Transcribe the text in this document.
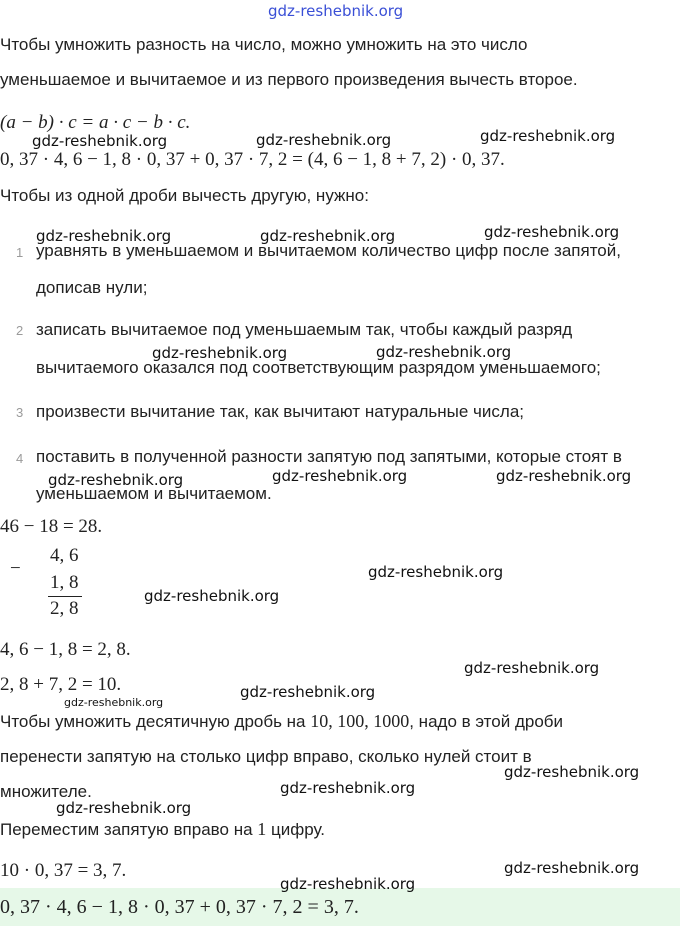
gdz-reshebnik.org
Чтобы умножить разность на число, можно умножить на это число
уменьшаемое и вычитаемое и из первого произведения вычесть второе.
(a − b) · c = a · c − b · c.
0, 37 · 4, 6 − 1, 8 · 0, 37 + 0, 37 · 7, 2 = (4, 6 − 1, 8 + 7, 2) · 0, 37.
Чтобы из одной дроби вычесть другую, нужно:
1 уравнять в уменьшаемом и вычитаемом количество цифр после запятой,
дописав нули;
2 записать вычитаемое под уменьшаемым так, чтобы каждый разряд
вычитаемого оказался под соответствующим разрядом уменьшаемого;
3 произвести вычитание так, как вычитают натуральные числа;
4 поставить в полученной разности запятую под запятыми, которые стоят в
уменьшаемом и вычитаемом.
46 − 18 = 28.
−
4, 6
1, 8
2, 8
4, 6 − 1, 8 = 2, 8.
2, 8 + 7, 2 = 10.
Чтобы умножить десятичную дробь на 10, 100, 1000, надо в этой дроби
перенести запятую на столько цифр вправо, сколько нулей стоит в
множителе.
Переместим запятую вправо на 1 цифру.
10 · 0, 37 = 3, 7.
0, 37 · 4, 6 − 1, 8 · 0, 37 + 0, 37 · 7, 2 = 3, 7.
gdz-reshebnik.org	gdz-reshebnik.org	gdz-reshebnik.org
gdz-reshebnik.org	gdz-reshebnik.org	gdz-reshebnik.org
gdz-reshebnik.org	gdz-reshebnik.org
gdz-reshebnik.org	gdz-reshebnik.org	gdz-reshebnik.org
gdz-reshebnik.org
gdz-reshebnik.org
gdz-reshebnik.org
gdz-reshebnik.org
gdz-reshebnik.org
gdz-reshebnik.org
gdz-reshebnik.org
gdz-reshebnik.org
gdz-reshebnik.org
gdz-reshebnik.org
